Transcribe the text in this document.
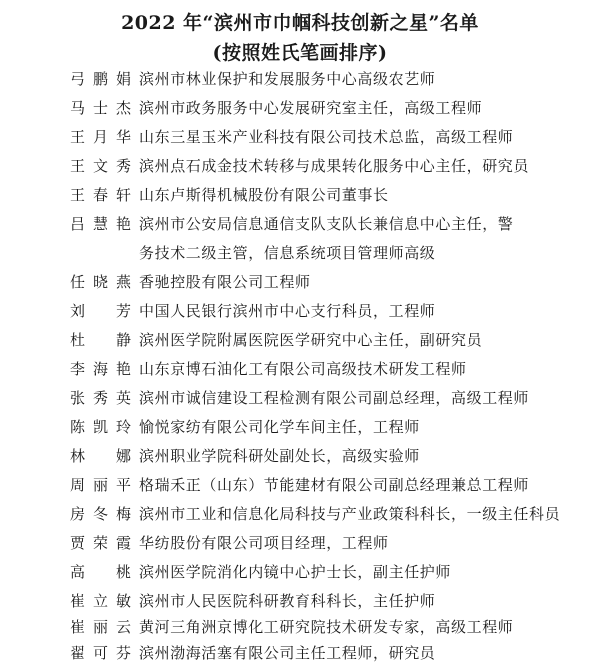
2022 年“滨州市巾帼科技创新之星”名单
(按照姓氏笔画排序)
弓鹏娟 滨州市林业保护和发展服务中心高级农艺师
马士杰 滨州市政务服务中心发展研究室主任，高级工程师
王月华 山东三星玉米产业科技有限公司技术总监，高级工程师
王文秀 滨州点石成金技术转移与成果转化服务中心主任，研究员
王春轩 山东卢斯得机械股份有限公司董事长
吕慧艳 滨州市公安局信息通信支队支队长兼信息中心主任，警
务技术二级主管，信息系统项目管理师高级
任晓燕 香驰控股有限公司工程师
刘　芳 中国人民银行滨州市中心支行科员，工程师
杜　静 滨州医学院附属医院医学研究中心主任，副研究员
李海艳 山东京博石油化工有限公司高级技术研发工程师
张秀英 滨州市诚信建设工程检测有限公司副总经理，高级工程师
陈凯玲 愉悦家纺有限公司化学车间主任，工程师
林　娜 滨州职业学院科研处副处长，高级实验师
周丽平 格瑞禾正（山东）节能建材有限公司副总经理兼总工程师
房冬梅 滨州市工业和信息化局科技与产业政策科科长，一级主任科员
贾荣霞 华纺股份有限公司项目经理，工程师
高　桃 滨州医学院消化内镜中心护士长，副主任护师
崔立敏 滨州市人民医院科研教育科科长，主任护师
崔丽云 黄河三角洲京博化工研究院技术研发专家，高级工程师
翟可芬 滨州渤海活塞有限公司主任工程师，研究员
